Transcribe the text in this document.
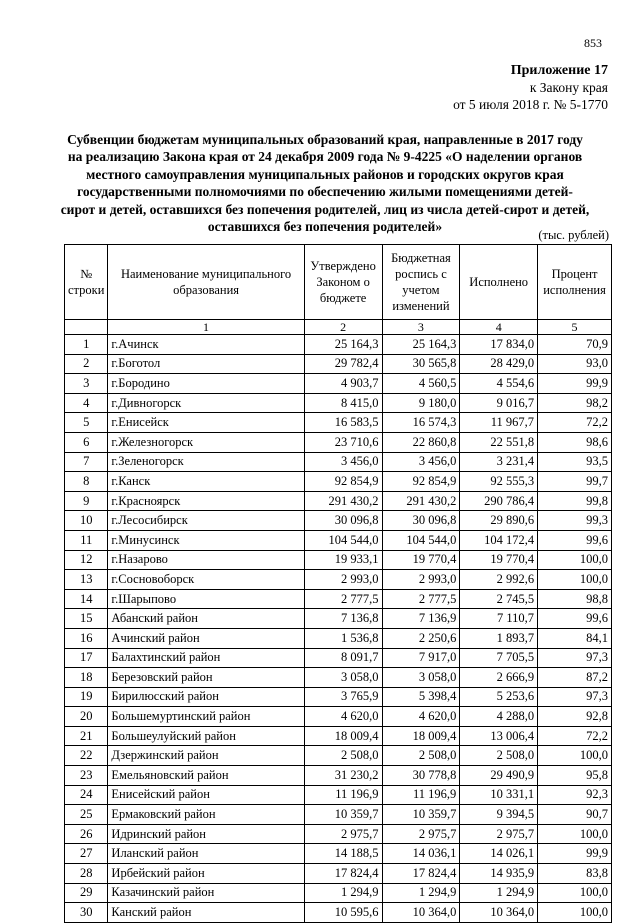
853
Приложение 17
к Закону края
от 5 июля 2018 г. № 5-1770
Субвенции бюджетам муниципальных образований края, направленные в 2017 году на реализацию Закона края от 24 декабря 2009 года № 9-4225 «О наделении органов местного самоуправления муниципальных районов и городских округов края государственными полномочиями по обеспечению жилыми помещениями детей-сирот и детей, оставшихся без попечения родителей, лиц из числа детей-сирот и детей, оставшихся без попечения родителей»
(тыс. рублей)
№ строки	Наименование муниципального образования	Утверждено Законом о бюджете	Бюджетная роспись с учетом изменений	Исполнено	Процент исполнения
	1	2	3	4	5
1	г.Ачинск	25 164,3	25 164,3	17 834,0	70,9
2	г.Боготол	29 782,4	30 565,8	28 429,0	93,0
3	г.Бородино	4 903,7	4 560,5	4 554,6	99,9
4	г.Дивногорск	8 415,0	9 180,0	9 016,7	98,2
5	г.Енисейск	16 583,5	16 574,3	11 967,7	72,2
6	г.Железногорск	23 710,6	22 860,8	22 551,8	98,6
7	г.Зеленогорск	3 456,0	3 456,0	3 231,4	93,5
8	г.Канск	92 854,9	92 854,9	92 555,3	99,7
9	г.Красноярск	291 430,2	291 430,2	290 786,4	99,8
10	г.Лесосибирск	30 096,8	30 096,8	29 890,6	99,3
11	г.Минусинск	104 544,0	104 544,0	104 172,4	99,6
12	г.Назарово	19 933,1	19 770,4	19 770,4	100,0
13	г.Сосновоборск	2 993,0	2 993,0	2 992,6	100,0
14	г.Шарыпово	2 777,5	2 777,5	2 745,5	98,8
15	Абанский район	7 136,8	7 136,9	7 110,7	99,6
16	Ачинский район	1 536,8	2 250,6	1 893,7	84,1
17	Балахтинский район	8 091,7	7 917,0	7 705,5	97,3
18	Березовский район	3 058,0	3 058,0	2 666,9	87,2
19	Бирилюсский район	3 765,9	5 398,4	5 253,6	97,3
20	Большемуртинский район	4 620,0	4 620,0	4 288,0	92,8
21	Большеулуйский район	18 009,4	18 009,4	13 006,4	72,2
22	Дзержинский район	2 508,0	2 508,0	2 508,0	100,0
23	Емельяновский район	31 230,2	30 778,8	29 490,9	95,8
24	Енисейский район	11 196,9	11 196,9	10 331,1	92,3
25	Ермаковский район	10 359,7	10 359,7	9 394,5	90,7
26	Идринский район	2 975,7	2 975,7	2 975,7	100,0
27	Иланский район	14 188,5	14 036,1	14 026,1	99,9
28	Ирбейский район	17 824,4	17 824,4	14 935,9	83,8
29	Казачинский район	1 294,9	1 294,9	1 294,9	100,0
30	Канский район	10 595,6	10 364,0	10 364,0	100,0
